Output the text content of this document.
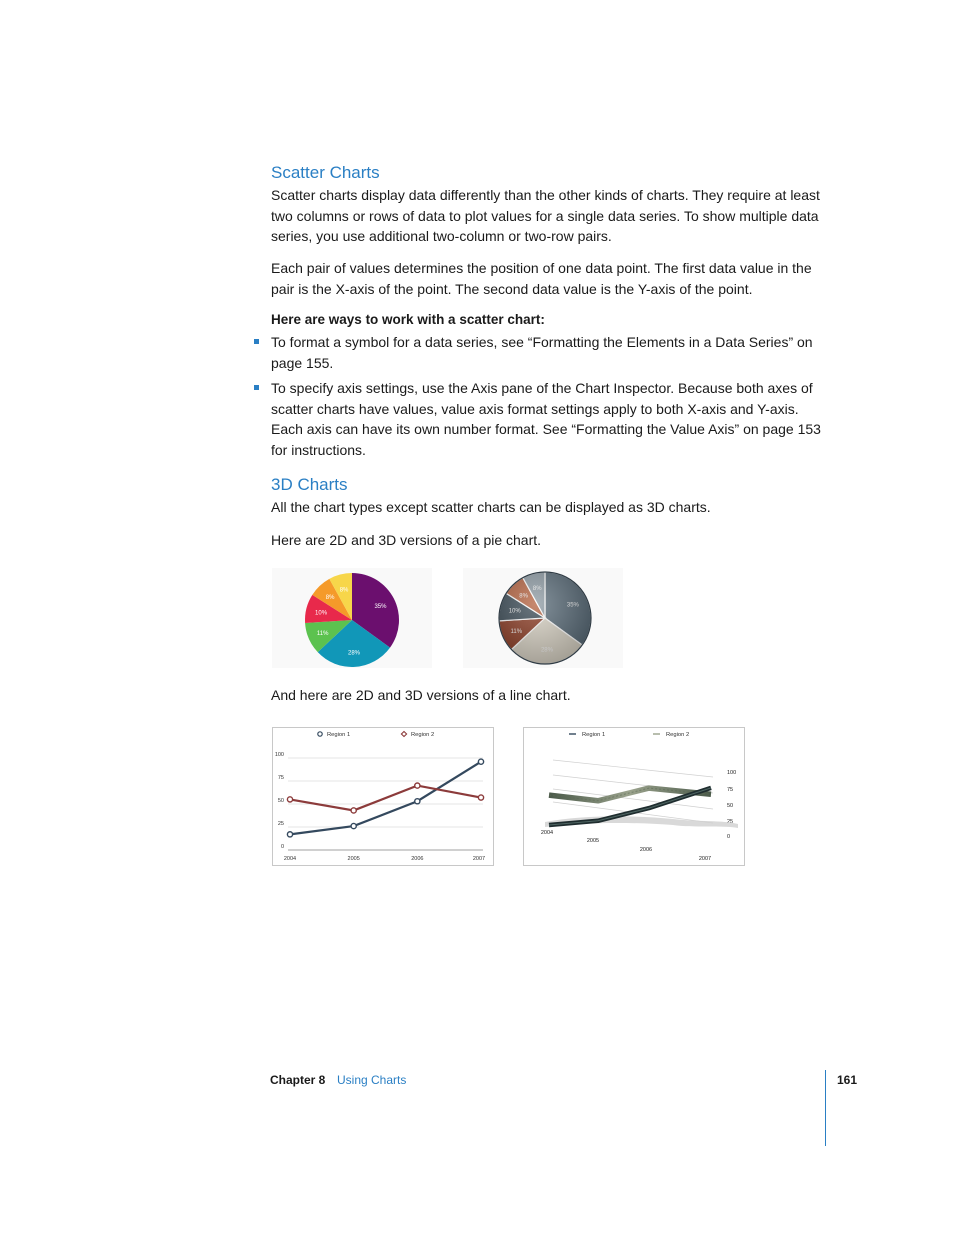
Scatter Charts

Scatter charts display data differently than the other kinds of charts. They require at least two columns or rows of data to plot values for a single data series. To show multiple data series, you use additional two-column or two-row pairs.

Each pair of values determines the position of one data point. The first data value in the pair is the X-axis of the point. The second data value is the Y-axis of the point.

Here are ways to work with a scatter chart:

To format a symbol for a data series, see “Formatting the Elements in a Data Series” on page 155.

To specify axis settings, use the Axis pane of the Chart Inspector. Because both axes of scatter charts have values, value axis format settings apply to both X-axis and Y-axis. Each axis can have its own number format. See “Formatting the Value Axis” on page 153 for instructions.

3D Charts

All the chart types except scatter charts can be displayed as 3D charts.

Here are 2D and 3D versions of a pie chart.

35%
28%
11%
10%
8%
8%

And here are 2D and 3D versions of a line chart.

0
25
50
75
100
2004	2005	2006	2007
Region 1	Region 2	Region 1	Region 2
100
75
50
25
0
2004
2005
2006
2007
Chapter 8 Using Charts	161
